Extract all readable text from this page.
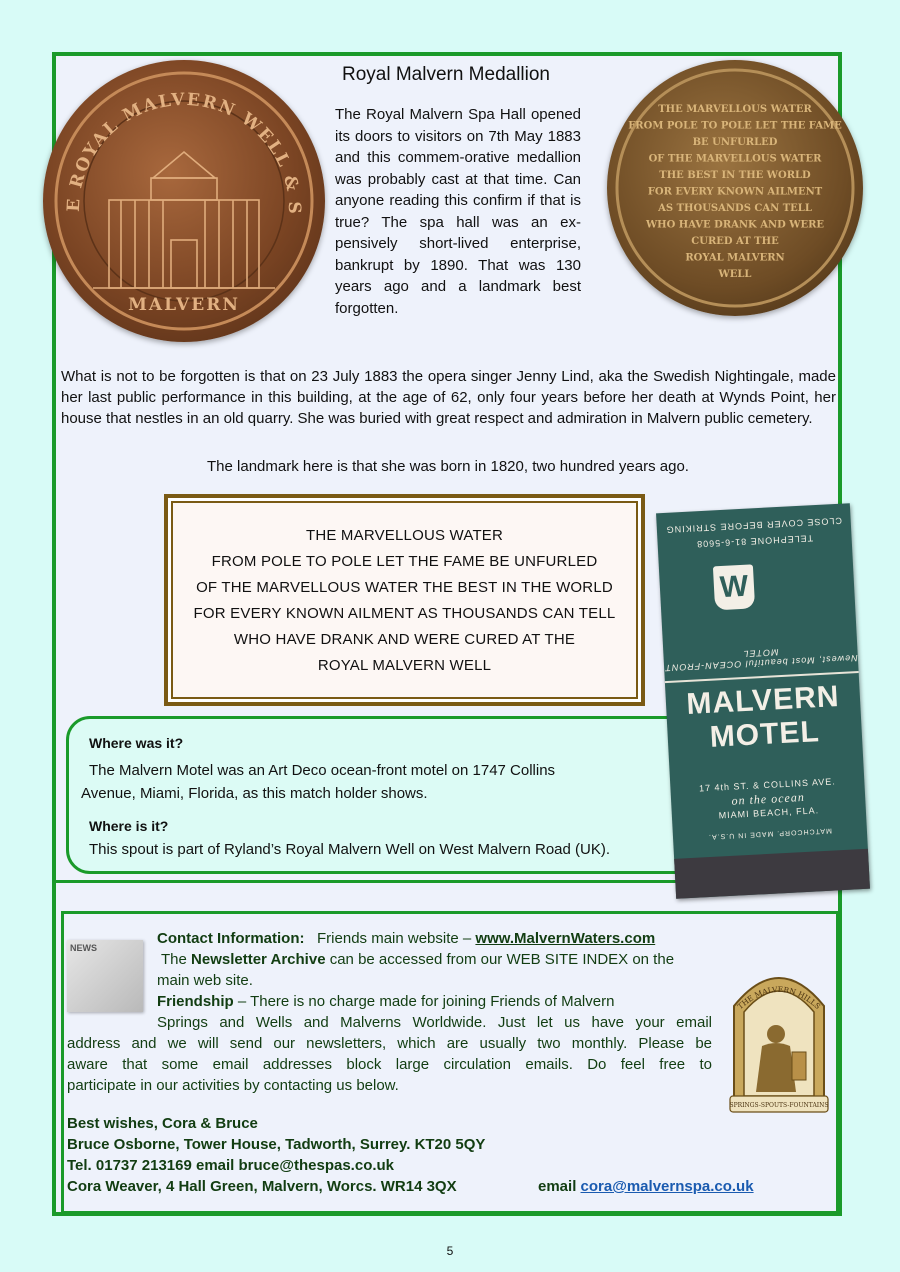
E ROYAL MALVERN WELL & S
MALVERN
THE MARVELLOUS WATER
FROM POLE TO POLE LET THE FAME
BE UNFURLED
OF THE MARVELLOUS WATER
THE BEST IN THE WORLD
FOR EVERY KNOWN AILMENT
AS THOUSANDS CAN TELL
WHO HAVE DRANK AND WERE
CURED AT THE
ROYAL MALVERN
WELL
Royal Malvern Medallion
The Royal Malvern Spa Hall opened its doors to visitors on 7th May 1883 and this commem-orative medallion was probably cast at that time. Can anyone reading this confirm if that is true? The spa hall was an ex-pensively short-lived enterprise, bankrupt by 1890. That was 130 years ago and a landmark best forgotten.
What is not to be forgotten is that on 23 July 1883 the opera singer Jenny Lind, aka the Swedish Nightingale, made her last public performance in this building, at the age of 62, only four years before her death at Wynds Point, her house that nestles in an old quarry. She was buried with great respect and admiration in Malvern public cemetery.
The landmark here is that she was born in 1820, two hundred years ago.
THE MARVELLOUS WATER
FROM POLE TO POLE LET THE FAME BE UNFURLED
OF THE MARVELLOUS WATER THE BEST IN THE WORLD
FOR EVERY KNOWN AILMENT AS THOUSANDS CAN TELL
WHO HAVE DRANK AND WERE CURED AT THE
ROYAL MALVERN WELL
Where was it?
The Malvern Motel was an Art Deco ocean-front motel on 1747 Collins
Avenue, Miami, Florida, as this match holder shows.
Where is it?
This spout is part of Ryland’s Royal Malvern Well on West Malvern Road (UK).
TELEPHONE 81-6-5608
CLOSE COVER BEFORE STRIKING
W
Newest, Most beautiful OCEAN-FRONT MOTEL
MALVERN
MOTEL
17 4th ST. & COLLINS AVE.
on the ocean
MIAMI BEACH, FLA.
MATCHCORP. MADE IN U.S.A.
NEWS
Contact Information: Friends main website – www.MalvernWaters.com
The Newsletter Archive can be accessed from our WEB SITE INDEX on the
main web site.
Friendship – There is no charge made for joining Friends of Malvern
Springs and Wells and Malverns Worldwide. Just let us have your email
address and we will send our newsletters, which are usually two monthly. Please be
aware that some email addresses block large circulation emails. Do feel free to
participate in our activities by contacting us below.
THE MALVERN HILLS
SPRINGS-SPOUTS-FOUNTAINS
Best wishes, Cora & Bruce
Bruce Osborne, Tower House, Tadworth, Surrey. KT20 5QY
Tel. 01737 213169 email bruce@thespas.co.uk
Cora Weaver, 4 Hall Green, Malvern, Worcs. WR14 3QX	email cora@malvernspa.co.uk
5
